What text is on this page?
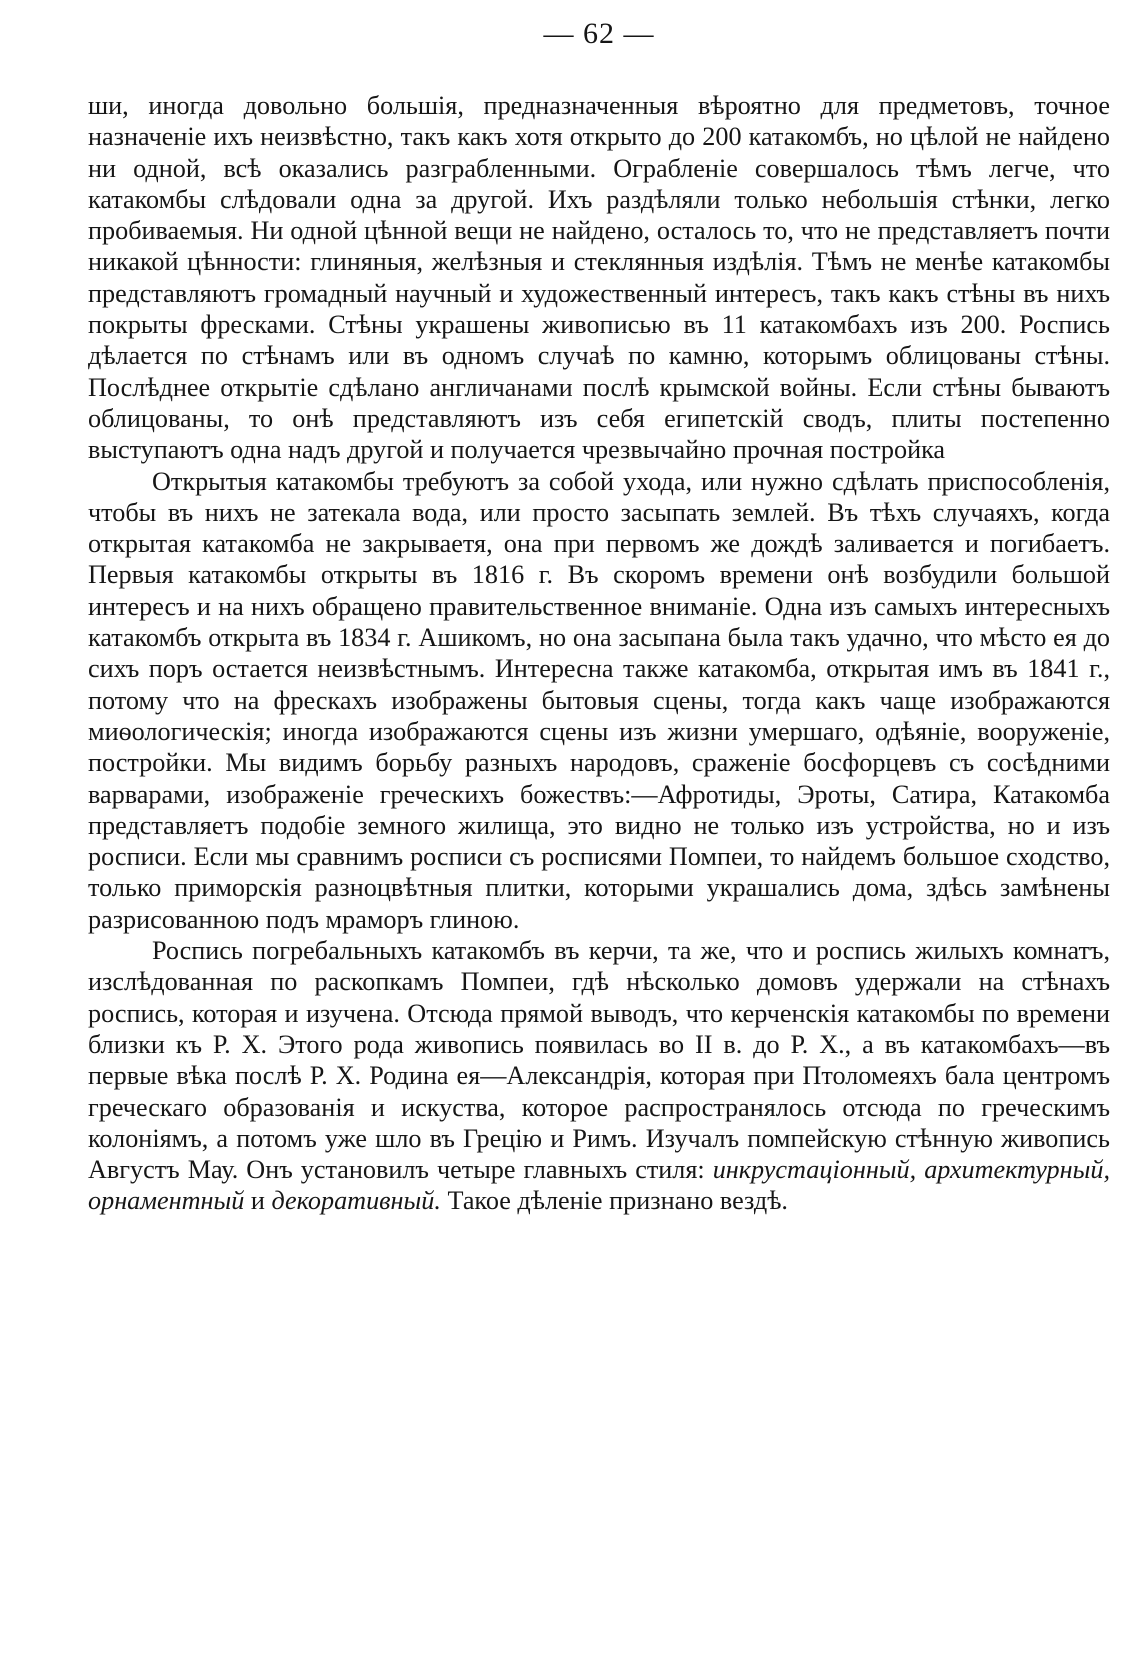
— 62 —

ши, иногда довольно большія, предназначенныя вѣроятно для предметовъ, точное назначеніе ихъ неизвѣстно, такъ какъ хотя открыто до 200 катакомбъ, но цѣлой не найдено ни одной, всѣ оказались разграбленными. Ограбленіе совершалось тѣмъ легче, что катакомбы слѣдовали одна за другой. Ихъ раздѣляли только небольшія стѣнки, легко пробиваемыя. Ни одной цѣнной вещи не найдено, осталось то, что не представляетъ почти никакой цѣнности: глиняныя, желѣзныя и стеклянныя издѣлія. Тѣмъ не менѣе катакомбы представляютъ громадный научный и художественный интересъ, такъ какъ стѣны въ нихъ покрыты фресками. Стѣны украшены живописью въ 11 катакомбахъ изъ 200. Роспись дѣлается по стѣнамъ или въ одномъ случаѣ по камню, которымъ облицованы стѣны. Послѣднее открытіе сдѣлано англичанами послѣ крымской войны. Если стѣны бываютъ облицованы, то онѣ представляютъ изъ себя египетскій сводъ, плиты постепенно выступаютъ одна надъ другой и получается чрезвычайно прочная постройка

Открытыя катакомбы требуютъ за собой ухода, или нужно сдѣлать приспособленія, чтобы въ нихъ не затекала вода, или просто засыпать землей. Въ тѣхъ случаяхъ, когда открытая катакомба не закрываетя, она при первомъ же дождѣ заливается и погибаетъ. Первыя катакомбы открыты въ 1816 г. Въ скоромъ времени онѣ возбудили большой интересъ и на нихъ обращено правительственное вниманіе. Одна изъ самыхъ интересныхъ катакомбъ открыта въ 1834 г. Ашикомъ, но она засыпана была такъ удачно, что мѣсто ея до сихъ поръ остается неизвѣстнымъ. Интересна также катакомба, открытая имъ въ 1841 г., потому что на фрескахъ изображены бытовыя сцены, тогда какъ чаще изображаются миѳологическія; иногда изображаются сцены изъ жизни умершаго, одѣяніе, вооруженіе, постройки. Мы видимъ борьбу разныхъ народовъ, сраженіе босфорцевъ съ сосѣдними варварами, изображеніе греческихъ божествъ:—Афротиды, Эроты, Сатира, Катакомба представляетъ подобіе земного жилища, это видно не только изъ устройства, но и изъ росписи. Если мы сравнимъ росписи съ росписями Помпеи, то найдемъ большое сходство, только приморскія разноцвѣтныя плитки, которыми украшались дома, здѣсь замѣнены разрисованною подъ мраморъ глиною.

Роспись погребальныхъ катакомбъ въ керчи, та же, что и роспись жилыхъ комнатъ, изслѣдованная по раскопкамъ Помпеи, гдѣ нѣсколько домовъ удержали на стѣнахъ роспись, которая и изучена. Отсюда прямой выводъ, что керченскія катакомбы по времени близки къ Р. Х. Этого рода живопись появилась во II в. до Р. Х., а въ катакомбахъ—въ первые вѣка послѣ Р. Х. Родина ея—Александрія, которая при Птоломеяхъ бала центромъ греческаго образованія и искуства, которое распространялось отсюда по греческимъ колоніямъ, а потомъ уже шло въ Грецію и Римъ. Изучалъ помпейскую стѣнную живопись Августъ Мау. Онъ установилъ четыре главныхъ стиля: инкрустаціонный, архитектурный, орнаментный и декоративный. Такое дѣленіе признано вездѣ.
